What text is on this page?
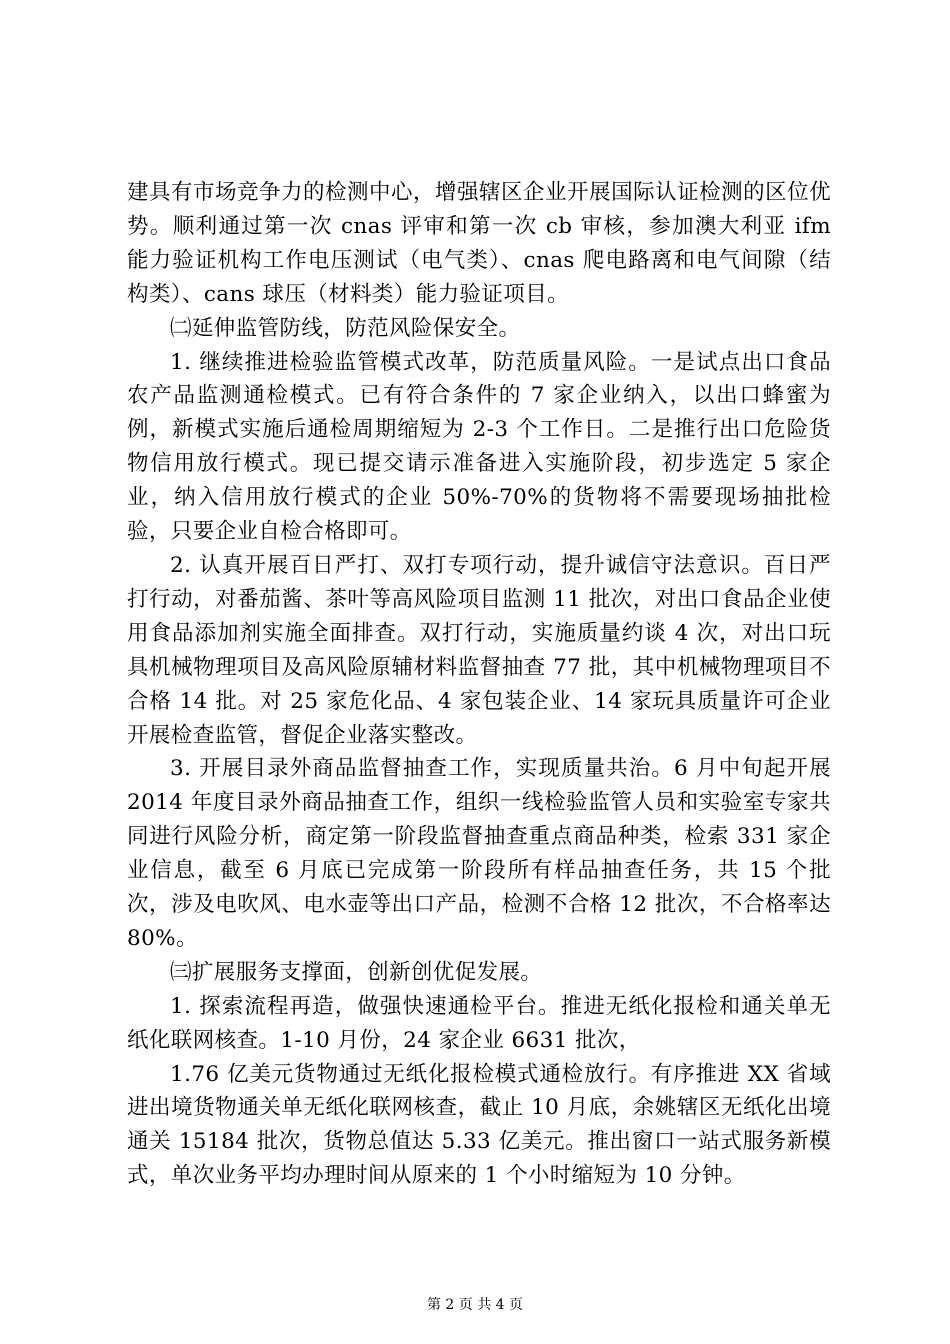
建具有市场竞争力的检测中心，增强辖区企业开展国际认证检测的区位优势。顺利通过第一次 cnas 评审和第一次 cb 审核，参加澳大利亚 ifm 能力验证机构工作电压测试（电气类）、cnas 爬电路离和电气间隙（结构类）、cans 球压（材料类）能力验证项目。

㈡延伸监管防线，防范风险保安全。

1. 继续推进检验监管模式改革，防范质量风险。一是试点出口食品农产品监测通检模式。已有符合条件的 7 家企业纳入，以出口蜂蜜为例，新模式实施后通检周期缩短为 2-3 个工作日。二是推行出口危险货物信用放行模式。现已提交请示准备进入实施阶段，初步选定 5 家企业，纳入信用放行模式的企业 50%-70%的货物将不需要现场抽批检验，只要企业自检合格即可。

2. 认真开展百日严打、双打专项行动，提升诚信守法意识。百日严打行动，对番茄酱、茶叶等高风险项目监测 11 批次，对出口食品企业使用食品添加剂实施全面排查。双打行动，实施质量约谈 4 次，对出口玩具机械物理项目及高风险原辅材料监督抽查 77 批，其中机械物理项目不合格 14 批。对 25 家危化品、4 家包装企业、14 家玩具质量许可企业开展检查监管，督促企业落实整改。

3. 开展目录外商品监督抽查工作，实现质量共治。6 月中旬起开展 2014 年度目录外商品抽查工作，组织一线检验监管人员和实验室专家共同进行风险分析，商定第一阶段监督抽查重点商品种类，检索 331 家企业信息，截至 6 月底已完成第一阶段所有样品抽查任务，共 15 个批次，涉及电吹风、电水壶等出口产品，检测不合格 12 批次，不合格率达 80%。

㈢扩展服务支撑面，创新创优促发展。

1. 探索流程再造，做强快速通检平台。推进无纸化报检和通关单无纸化联网核查。1-10 月份，24 家企业 6631 批次，

1.76 亿美元货物通过无纸化报检模式通检放行。有序推进 XX 省域进出境货物通关单无纸化联网核查，截止 10 月底，余姚辖区无纸化出境通关 15184 批次，货物总值达 5.33 亿美元。推出窗口一站式服务新模式，单次业务平均办理时间从原来的 1 个小时缩短为 10 分钟。

第 2 页 共 4 页
